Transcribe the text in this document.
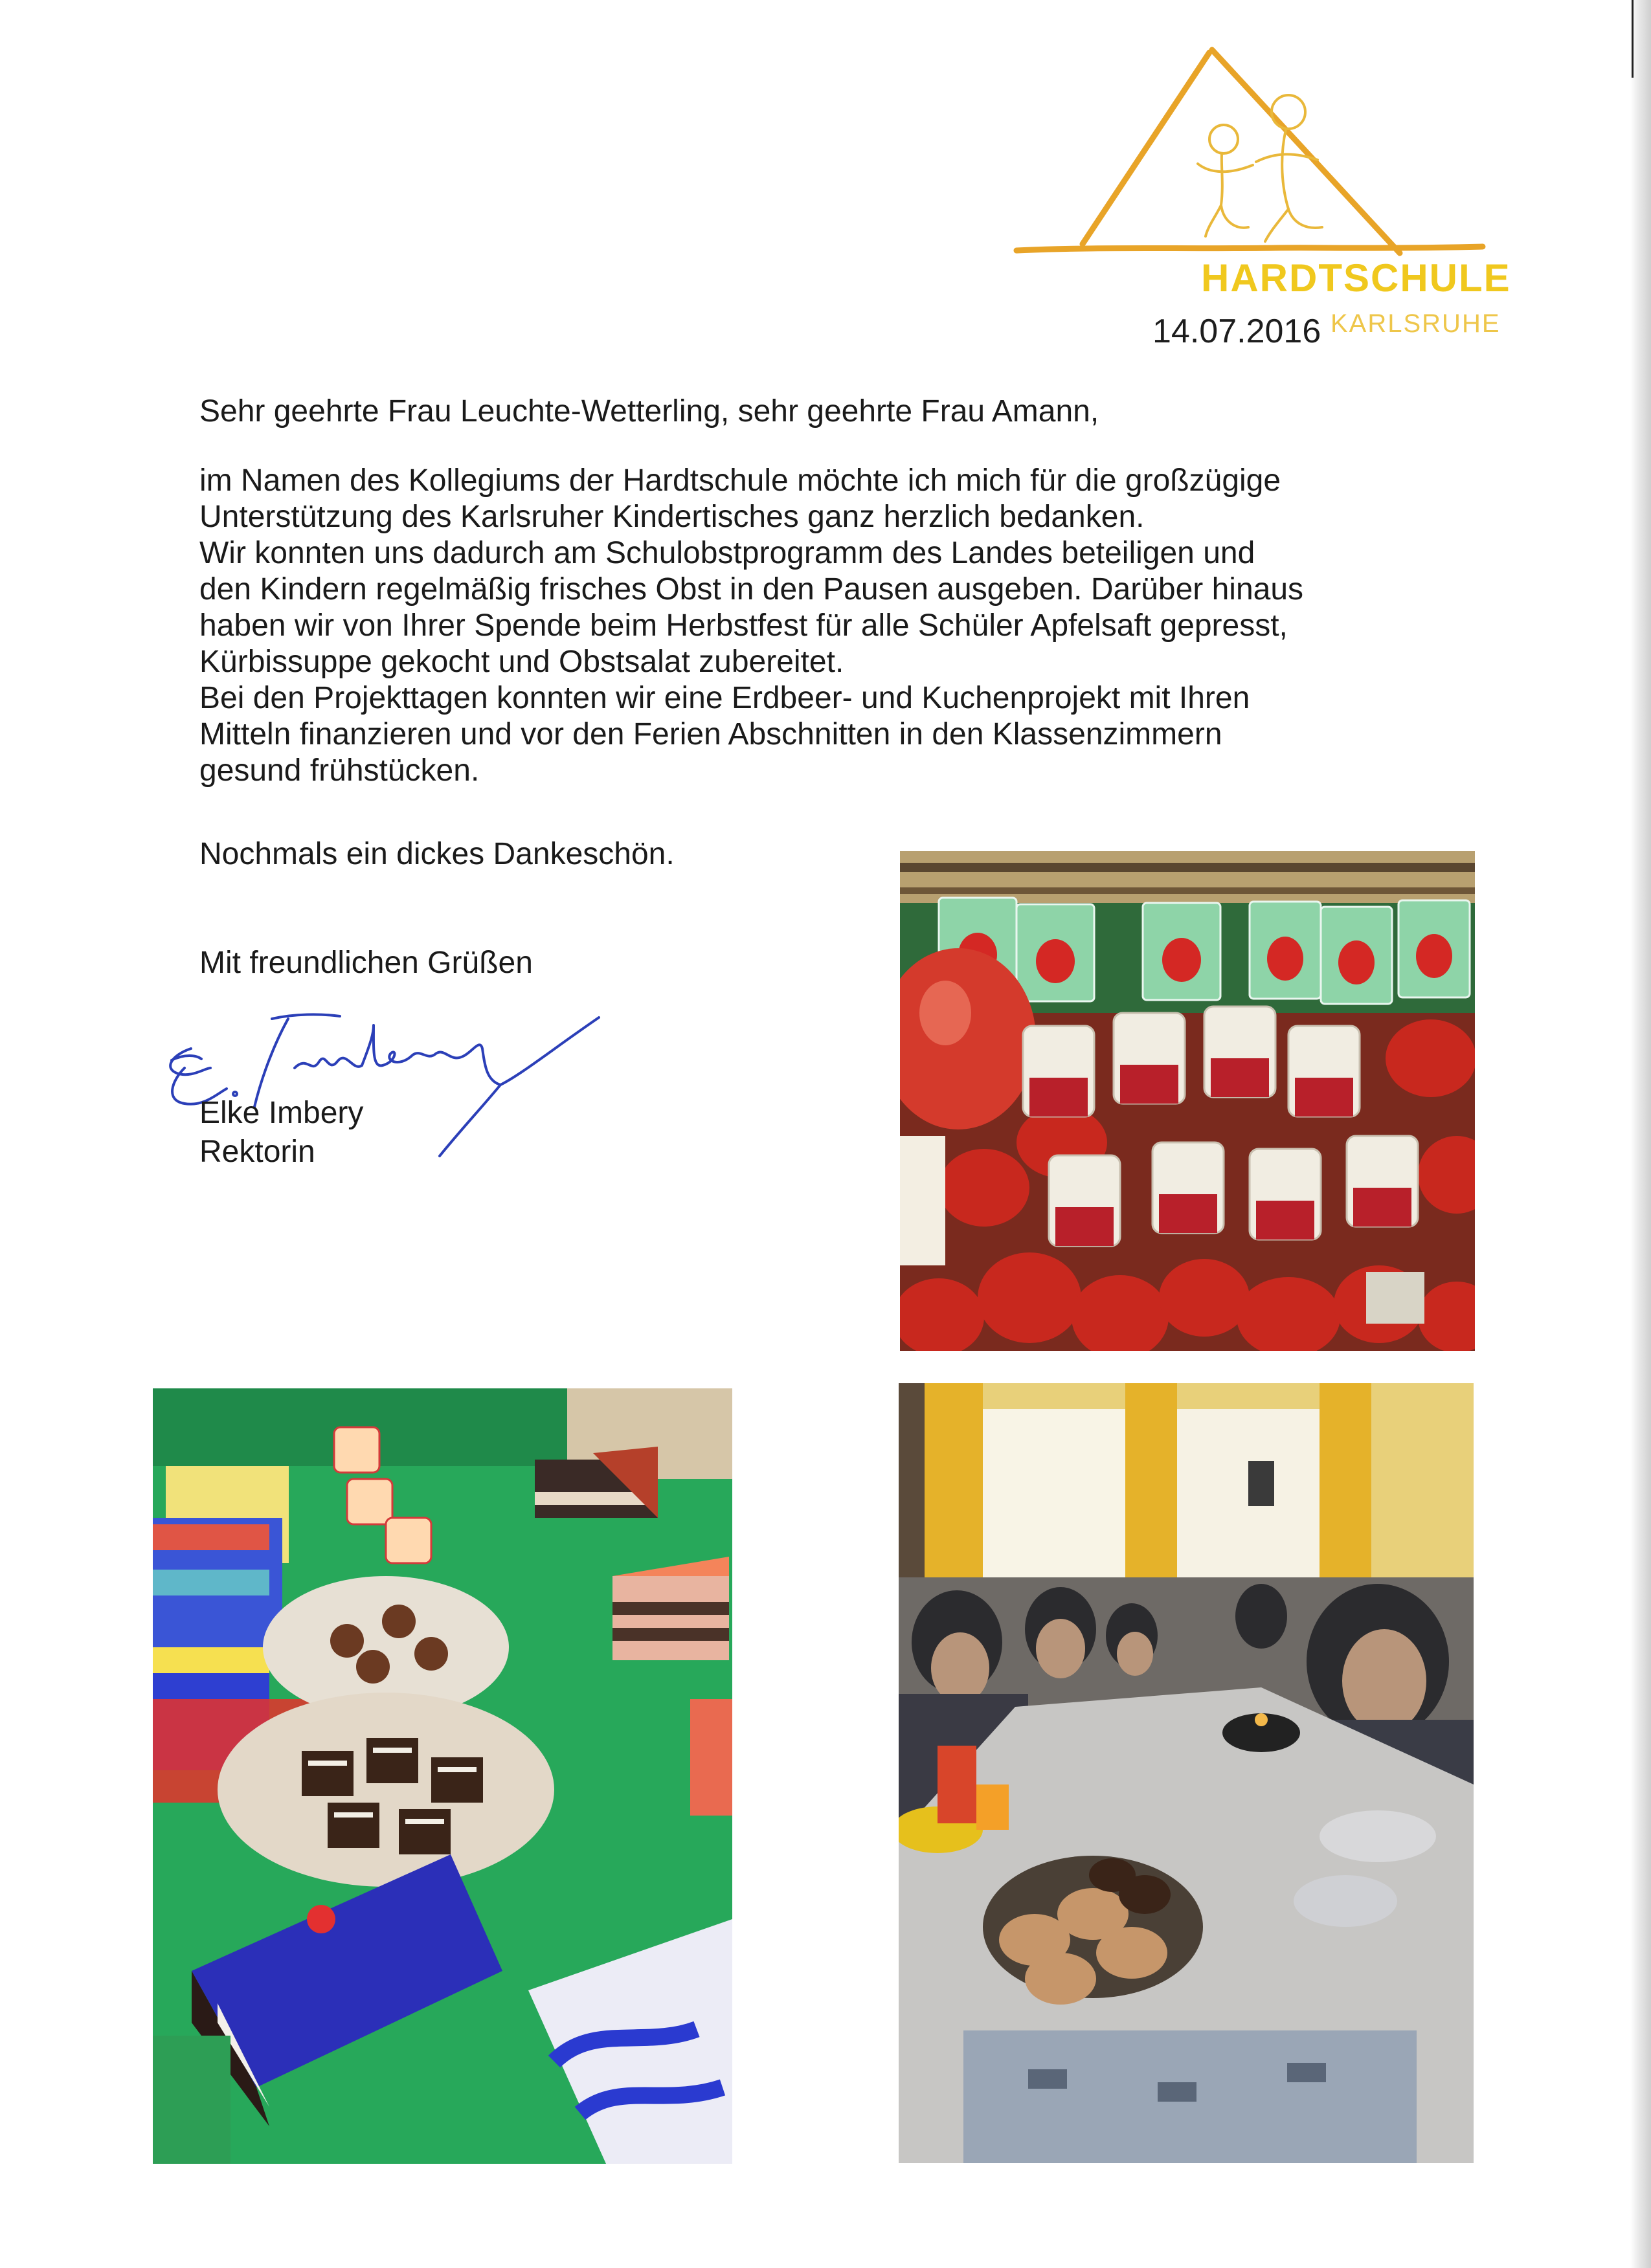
HARDTSCHULE
KARLSRUHE
14.07.2016
Sehr geehrte Frau Leuchte-Wetterling, sehr geehrte Frau Amann,
im Namen des Kollegiums der Hardtschule möchte ich mich für die großzügige
Unterstützung des Karlsruher Kindertisches ganz herzlich bedanken.
Wir konnten uns dadurch am Schulobstprogramm des Landes beteiligen und
den Kindern regelmäßig frisches Obst in den Pausen ausgeben. Darüber hinaus
haben wir von Ihrer Spende beim Herbstfest für alle Schüler Apfelsaft gepresst,
Kürbissuppe gekocht und Obstsalat zubereitet.
Bei den Projekttagen konnten wir eine Erdbeer- und Kuchenprojekt mit Ihren
Mitteln finanzieren und vor den Ferien Abschnitten in den Klassenzimmern
gesund frühstücken.
Nochmals ein dickes Dankeschön.
Mit freundlichen Grüßen
Elke Imbery
Rektorin
